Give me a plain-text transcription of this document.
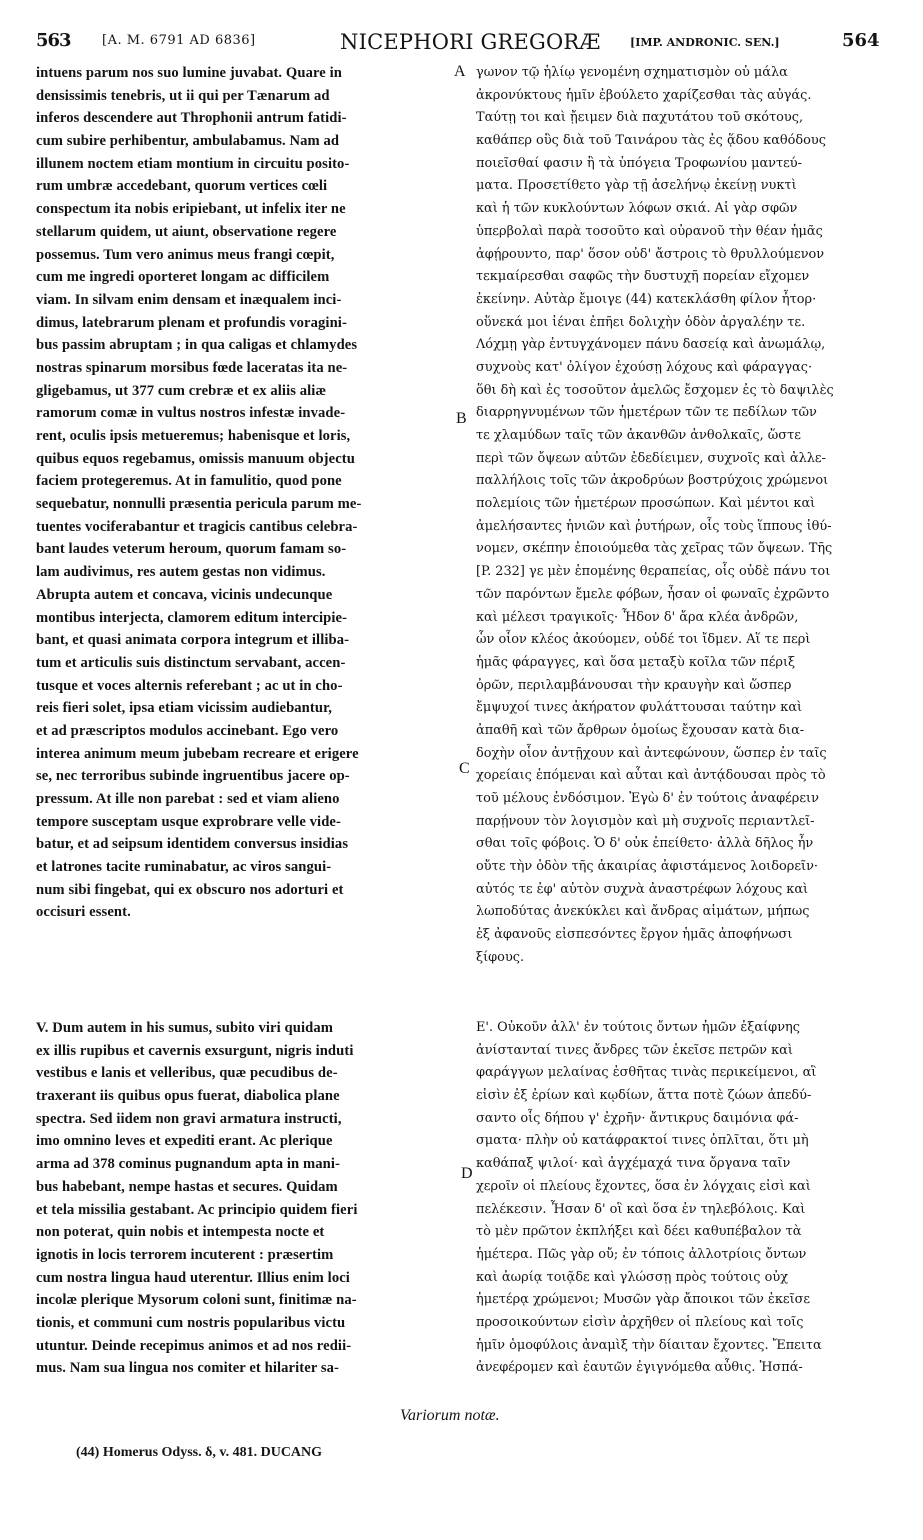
563 [A. M. 6791 AD 6836]	NICEPHORI GREGORÆ	[IMP. ANDRONIC. SEN.]	564
intuens parum nos suo lumine juvabat. Quare in
densissimis tenebris, ut ii qui per Tænarum ad
inferos descendere aut Throphonii antrum fatidi-
cum subire perhibentur, ambulabamus. Nam ad
illunem noctem etiam montium in circuitu posito-
rum umbræ accedebant, quorum vertices cœli
conspectum ita nobis eripiebant, ut infelix iter ne
stellarum quidem, ut aiunt, observatione regere
possemus. Tum vero animus meus frangi cœpit,
cum me ingredi oporteret longam ac difficilem
viam. In silvam enim densam et inæqualem inci-
dimus, latebrarum plenam et profundis voragini-
bus passim abruptam ; in qua caligas et chlamydes
nostras spinarum morsibus fœde laceratas ita ne-
gligebamus, ut 377 cum crebræ et ex aliis aliæ
ramorum comæ in vultus nostros infestæ invade-
rent, oculis ipsis metueremus; habenisque et loris,
quibus equos regebamus, omissis manuum objectu
faciem protegeremus. At in famulitio, quod pone
sequebatur, nonnulli præsentia pericula parum me-
tuentes vociferabantur et tragicis cantibus celebra-
bant laudes veterum heroum, quorum famam so-
lam audivimus, res autem gestas non vidimus.
Abrupta autem et concava, vicinis undecunque
montibus interjecta, clamorem editum intercipie-
bant, et quasi animata corpora integrum et illiba-
tum et articulis suis distinctum servabant, accen-
tusque et voces alternis referebant ; ac ut in cho-
reis fieri solet, ipsa etiam vicissim audiebantur,
et ad præscriptos modulos accinebant. Ego vero
interea animum meum jubebam recreare et erigere
se, nec terroribus subinde ingruentibus jacere op-
pressum. At ille non parebat : sed et viam alieno
tempore susceptam usque exprobrare velle vide-
batur, et ad seipsum identidem conversus insidias
et latrones tacite ruminabatur, ac viros sangui-
num sibi fingebat, qui ex obscuro nos adorturi et
occisuri essent.
γωνον τῷ ἡλίῳ γενομένη σχηματισμὸν οὐ μάλα
ἀκρονύκτους ἡμῖν ἐβούλετο χαρίζεσθαι τὰς αὐγάς.
Ταύτῃ τοι καὶ ᾔειμεν διὰ παχυτάτου τοῦ σκότους,
καθάπερ οὓς διὰ τοῦ Ταινάρου τὰς ἐς ᾅδου καθόδους
ποιεῖσθαί φασιν ἢ τὰ ὑπόγεια Τροφωνίου μαντεύ-
ματα. Προσετίθετο γὰρ τῇ ἀσελήνῳ ἐκείνῃ νυκτὶ
καὶ ἡ τῶν κυκλούντων λόφων σκιά. Αἱ γὰρ σφῶν
ὑπερβολαὶ παρὰ τοσοῦτο καὶ οὐρανοῦ τὴν θέαν ἡμᾶς
ἀφῄρουντο, παρ' ὅσον οὐδ' ἄστροις τὸ θρυλλούμενον
τεκμαίρεσθαι σαφῶς τὴν δυστυχῆ πορείαν εἴχομεν
ἐκείνην. Αὐτὰρ ἔμοιγε (44) κατεκλάσθη φίλον ἦτορ·
οὕνεκά μοι ἰέναι ἐπῆει δολιχὴν ὁδὸν ἀργαλέην τε.
Λόχμῃ γὰρ ἐντυγχάνομεν πάνυ δασείᾳ καὶ ἀνωμάλῳ,
συχνοὺς κατ' ὀλίγον ἐχούσῃ λόχους καὶ φάραγγας·
ὅθι δὴ καὶ ἐς τοσοῦτον ἀμελῶς ἔσχομεν ἐς τὸ δαψιλὲς
διαρρηγνυμένων τῶν ἡμετέρων τῶν τε πεδίλων τῶν
τε χλαμύδων ταῖς τῶν ἀκανθῶν ἀνθολκαῖς, ὥστε
περὶ τῶν ὄψεων αὐτῶν ἐδεδίειμεν, συχνοῖς καὶ ἀλλε-
παλλήλοις τοῖς τῶν ἀκροδρύων βοστρύχοις χρώμενοι
πολεμίοις τῶν ἡμετέρων προσώπων. Καὶ μέντοι καὶ
ἀμελήσαντες ἡνιῶν καὶ ῥυτήρων, οἷς τοὺς ἵππους ἰθύ-
νομεν, σκέπην ἐποιούμεθα τὰς χεῖρας τῶν ὄψεων. Τῆς
[P. 232] γε μὲν ἑπομένης θεραπείας, οἷς οὐδὲ πάνυ τοι
τῶν παρόντων ἔμελε φόβων, ἦσαν οἱ φωναῖς ἐχρῶντο
καὶ μέλεσι τραγικοῖς· Ἦδον δ' ἄρα κλέα ἀνδρῶν,
ὧν οἷον κλέος ἀκούομεν, οὐδέ τοι ἴδμεν. Αἵ τε περὶ
ἡμᾶς φάραγγες, καὶ ὅσα μεταξὺ κοῖλα τῶν πέριξ
ὀρῶν, περιλαμβάνουσαι τὴν κραυγὴν καὶ ὥσπερ
ἔμψυχοί τινες ἀκήρατον φυλάττουσαι ταύτην καὶ
ἀπαθῆ καὶ τῶν ἄρθρων ὁμοίως ἔχουσαν κατὰ δια-
δοχὴν οἷον ἀντῇχουν καὶ ἀντεφώνουν, ὥσπερ ἐν ταῖς
χορείαις ἑπόμεναι καὶ αὗται καὶ ἀντᾴδουσαι πρὸς τὸ
τοῦ μέλους ἐνδόσιμον. Ἐγὼ δ' ἐν τούτοις ἀναφέρειν
παρῄνουν τὸν λογισμὸν καὶ μὴ συχνοῖς περιαντλεῖ-
σθαι τοῖς φόβοις. Ὁ δ' οὐκ ἐπείθετο· ἀλλὰ δῆλος ἦν
οὔτε τὴν ὁδὸν τῆς ἀκαιρίας ἀφιστάμενος λοιδορεῖν·
αὐτός τε ἐφ' αὐτὸν συχνὰ ἀναστρέφων λόχους καὶ
λωποδύτας ἀνεκύκλει καὶ ἄνδρας αἱμάτων, μήπως
ἐξ ἀφανοῦς εἰσπεσόντες ἔργον ἡμᾶς ἀποφήνωσι
ξίφους.
V. Dum autem in his sumus, subito viri quidam
ex illis rupibus et cavernis exsurgunt, nigris induti
vestibus e lanis et velleribus, quæ pecudibus de-
traxerant iis quibus opus fuerat, diabolica plane
spectra. Sed iidem non gravi armatura instructi,
imo omnino leves et expediti erant. Ac plerique
arma ad 378 cominus pugnandum apta in mani-
bus habebant, nempe hastas et secures. Quidam
et tela missilia gestabant. Ac principio quidem fieri
non poterat, quin nobis et intempesta nocte et
ignotis in locis terrorem incuterent : præsertim
cum nostra lingua haud uterentur. Illius enim loci
incolæ plerique Mysorum coloni sunt, finitimæ na-
tionis, et communi cum nostris popularibus victu
utuntur. Deinde recepimus animos et ad nos redii-
mus. Nam sua lingua nos comiter et hilariter sa-
Ε'. Οὐκοῦν ἀλλ' ἐν τούτοις ὄντων ἡμῶν ἐξαίφνης
ἀνίστανταί τινες ἄνδρες τῶν ἐκεῖσε πετρῶν καὶ
φαράγγων μελαίνας ἐσθῆτας τινὰς περικείμενοι, αἳ
εἰσὶν ἐξ ἐρίων καὶ κῳδίων, ἅττα ποτὲ ζώων ἀπεδύ-
σαντο οἷς δήπου γ' ἐχρῆν· ἄντικρυς δαιμόνια φά-
σματα· πλὴν οὐ κατάφρακτοί τινες ὁπλῖται, ὅτι μὴ
καθάπαξ ψιλοί· καὶ ἀγχέμαχά τινα ὄργανα ταῖν
χεροῖν οἱ πλείους ἔχοντες, ὅσα ἐν λόγχαις εἰσὶ καὶ
πελέκεσιν. Ἦσαν δ' οἳ καὶ ὅσα ἐν τηλεβόλοις. Καὶ
τὸ μὲν πρῶτον ἐκπλήξει καὶ δέει καθυπέβαλον τὰ
ἡμέτερα. Πῶς γὰρ οὔ; ἐν τόποις ἀλλοτρίοις ὄντων
καὶ ἀωρίᾳ τοιᾷδε καὶ γλώσσῃ πρὸς τούτοις οὐχ
ἡμετέρᾳ χρώμενοι; Μυσῶν γὰρ ἄποικοι τῶν ἐκεῖσε
προσοικούντων εἰσὶν ἀρχῆθεν οἱ πλείους καὶ τοῖς
ἡμῖν ὁμοφύλοις ἀναμὶξ τὴν δίαιταν ἔχοντες. Ἔπειτα
ἀνεφέρομεν καὶ ἑαυτῶν ἐγιγνόμεθα αὖθις. Ἠσπά-
A
B
C
D
Variorum notæ.
(44) Homerus Odyss. δ, v. 481. DUCANG
